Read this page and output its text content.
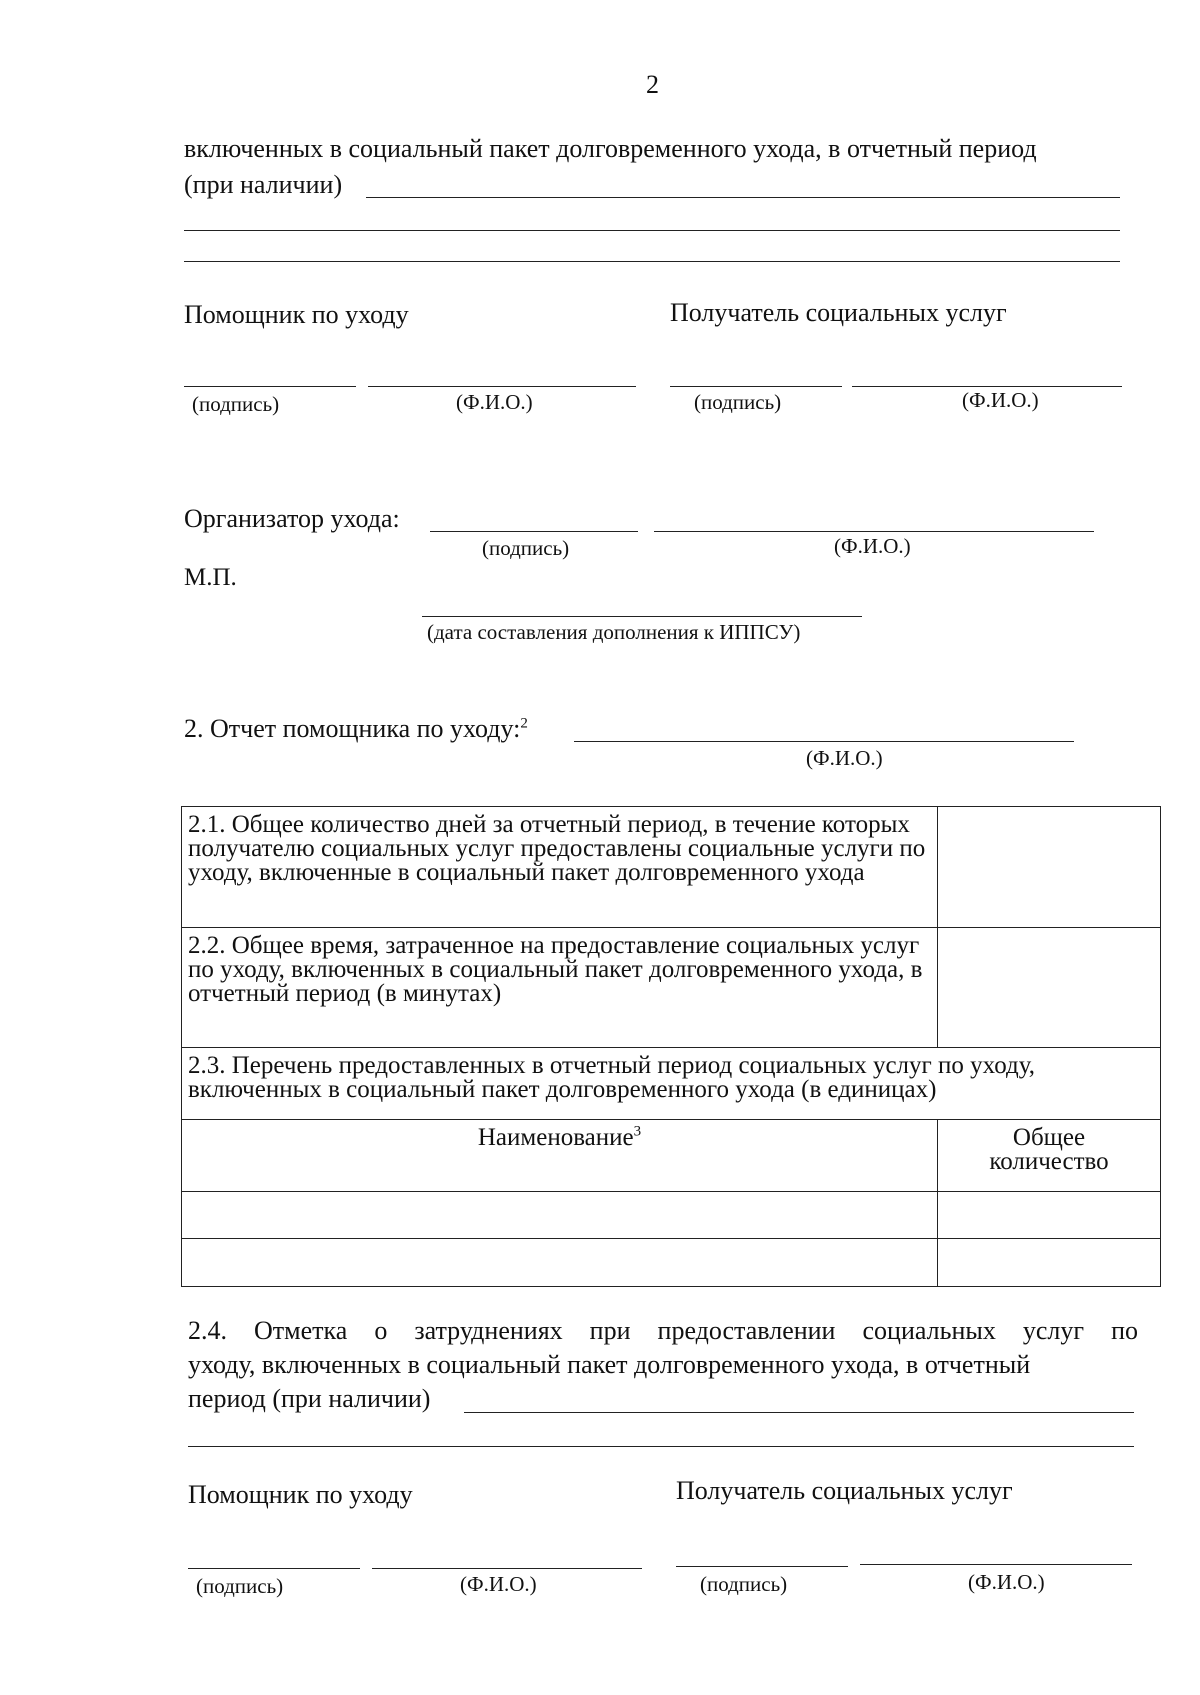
2
включенных в социальный пакет долговременного ухода, в отчетный период
(при наличии)
Помощник по уходу	Получатель социальных услуг
(подпись)	(Ф.И.О.)	(подпись)	(Ф.И.О.)
Организатор ухода:
(подпись)	(Ф.И.О.)
М.П.
(дата составления дополнения к ИППСУ)
2. Отчет помощника по уходу:$^2$
(Ф.И.О.)
2.1. Общее количество дней за отчетный период, в течение которых получателю социальных услуг предоставлены социальные услуги по уходу, включенные в социальный пакет долговременного ухода	
2.2. Общее время, затраченное на предоставление социальных услуг по уходу, включенных в социальный пакет долговременного ухода, в отчетный период (в минутах)	
2.3. Перечень предоставленных в отчетный период социальных услуг по уходу, включенных в социальный пакет долговременного ухода (в единицах)	
Наименование$^3$	Общее
количество

2.4. Отметка о затруднениях при предоставлении социальных услуг по
уходу, включенных в социальный пакет долговременного ухода, в отчетный
период (при наличии)
Помощник по уходу	Получатель социальных услуг
(подпись)	(Ф.И.О.)	(подпись)	(Ф.И.О.)
